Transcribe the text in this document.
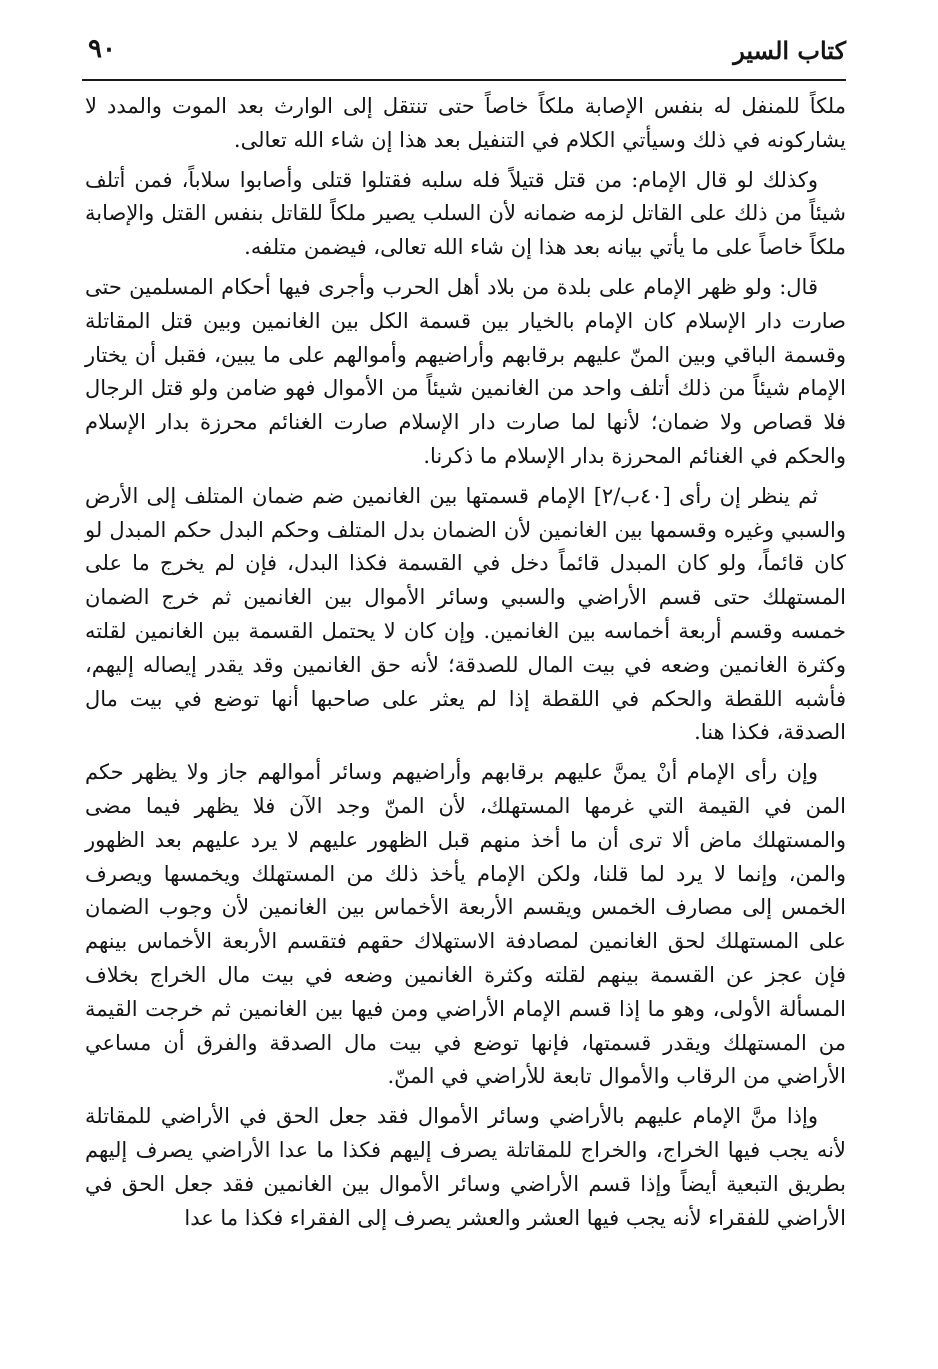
كتاب السير
٩٠

ملكاً للمنفل له بنفس الإصابة ملكاً خاصاً حتى تنتقل إلى الوارث بعد الموت والمدد لا يشاركونه في ذلك وسيأتي الكلام في التنفيل بعد هذا إن شاء الله تعالى.

وكذلك لو قال الإمام: من قتل قتيلاً فله سلبه فقتلوا قتلى وأصابوا سلاباً، فمن أتلف شيئاً من ذلك على القاتل لزمه ضمانه لأن السلب يصير ملكاً للقاتل بنفس القتل والإصابة ملكاً خاصاً على ما يأتي بيانه بعد هذا إن شاء الله تعالى، فيضمن متلفه.

قال: ولو ظهر الإمام على بلدة من بلاد أهل الحرب وأجرى فيها أحكام المسلمين حتى صارت دار الإسلام كان الإمام بالخيار بين قسمة الكل بين الغانمين وبين قتل المقاتلة وقسمة الباقي وبين المنّ عليهم برقابهم وأراضيهم وأموالهم على ما يبين، فقبل أن يختار الإمام شيئاً من ذلك أتلف واحد من الغانمين شيئاً من الأموال فهو ضامن ولو قتل الرجال فلا قصاص ولا ضمان؛ لأنها لما صارت دار الإسلام صارت الغنائم محرزة بدار الإسلام والحكم في الغنائم المحرزة بدار الإسلام ما ذكرنا.

ثم ينظر إن رأى [٤٠ب/٢] الإمام قسمتها بين الغانمين ضم ضمان المتلف إلى الأرض والسبي وغيره وقسمها بين الغانمين لأن الضمان بدل المتلف وحكم البدل حكم المبدل لو كان قائماً، ولو كان المبدل قائماً دخل في القسمة فكذا البدل، فإن لم يخرج ما على المستهلك حتى قسم الأراضي والسبي وسائر الأموال بين الغانمين ثم خرج الضمان خمسه وقسم أربعة أخماسه بين الغانمين. وإن كان لا يحتمل القسمة بين الغانمين لقلته وكثرة الغانمين وضعه في بيت المال للصدقة؛ لأنه حق الغانمين وقد يقدر إيصاله إليهم، فأشبه اللقطة والحكم في اللقطة إذا لم يعثر على صاحبها أنها توضع في بيت مال الصدقة، فكذا هنا.

وإن رأى الإمام أنْ يمنَّ عليهم برقابهم وأراضيهم وسائر أموالهم جاز ولا يظهر حكم المن في القيمة التي غرمها المستهلك، لأن المنّ وجد الآن فلا يظهر فيما مضى والمستهلك ماض ألا ترى أن ما أخذ منهم قبل الظهور عليهم لا يرد عليهم بعد الظهور والمن، وإنما لا يرد لما قلنا، ولكن الإمام يأخذ ذلك من المستهلك ويخمسها ويصرف الخمس إلى مصارف الخمس ويقسم الأربعة الأخماس بين الغانمين لأن وجوب الضمان على المستهلك لحق الغانمين لمصادفة الاستهلاك حقهم فتقسم الأربعة الأخماس بينهم فإن عجز عن القسمة بينهم لقلته وكثرة الغانمين وضعه في بيت مال الخراج بخلاف المسألة الأولى، وهو ما إذا قسم الإمام الأراضي ومن فيها بين الغانمين ثم خرجت القيمة من المستهلك ويقدر قسمتها، فإنها توضع في بيت مال الصدقة والفرق أن مساعي الأراضي من الرقاب والأموال تابعة للأراضي في المنّ.

وإذا منَّ الإمام عليهم بالأراضي وسائر الأموال فقد جعل الحق في الأراضي للمقاتلة لأنه يجب فيها الخراج، والخراج للمقاتلة يصرف إليهم فكذا ما عدا الأراضي يصرف إليهم بطريق التبعية أيضاً وإذا قسم الأراضي وسائر الأموال بين الغانمين فقد جعل الحق في الأراضي للفقراء لأنه يجب فيها العشر والعشر يصرف إلى الفقراء فكذا ما عدا
